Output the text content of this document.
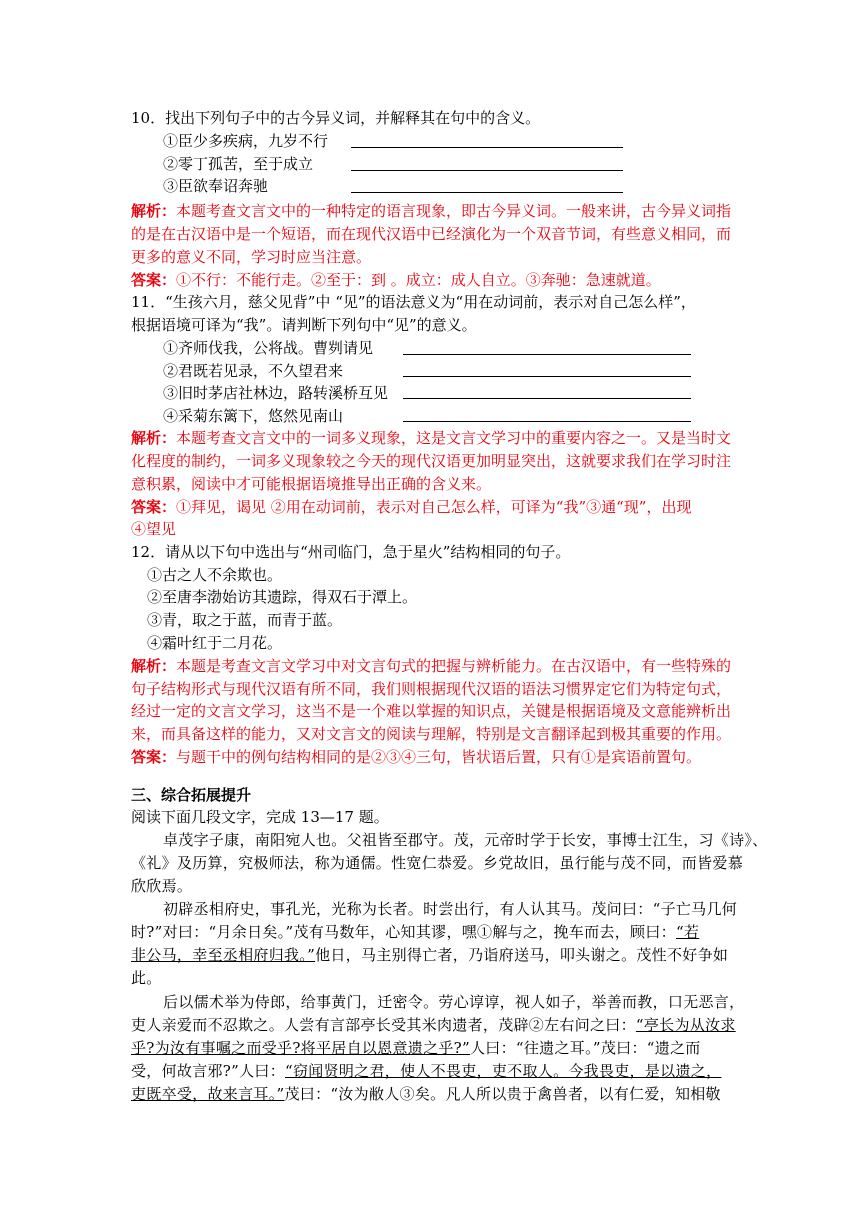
10．找出下列句子中的古今异义词，并解释其在句中的含义。
①臣少多疾病，九岁不行
②零丁孤苦，至于成立
③臣欲奉诏奔驰
解析：本题考查文言文中的一种特定的语言现象，即古今异义词。一般来讲，古今异义词指
的是在古汉语中是一个短语，而在现代汉语中已经演化为一个双音节词，有些意义相同，而
更多的意义不同，学习时应当注意。
答案：①不行：不能行走。②至于：到 。成立：成人自立。③奔驰：急速就道。
11．“生孩六月，慈父见背”中 “见”的语法意义为“用在动词前，表示对自己怎么样”，
根据语境可译为“我”。请判断下列句中“见”的意义。
①齐师伐我，公将战。曹刿请见
②君既若见录，不久望君来
③旧时茅店社林边，路转溪桥互见
④采菊东篱下，悠然见南山
解析：本题考查文言文中的一词多义现象，这是文言文学习中的重要内容之一。又是当时文
化程度的制约，一词多义现象较之今天的现代汉语更加明显突出，这就要求我们在学习时注
意积累，阅读中才可能根据语境推导出正确的含义来。
答案：①拜见，谒见 ②用在动词前，表示对自己怎么样，可译为“我”③通“现”，出现
④望见
12．请从以下句中选出与“州司临门，急于星火”结构相同的句子。
①古之人不余欺也。
②至唐李渤始访其遗踪，得双石于潭上。
③青，取之于蓝，而青于蓝。
④霜叶红于二月花。
解析：本题是考查文言文学习中对文言句式的把握与辨析能力。在古汉语中，有一些特殊的
句子结构形式与现代汉语有所不同，我们则根据现代汉语的语法习惯界定它们为特定句式，
经过一定的文言文学习，这当不是一个难以掌握的知识点，关键是根据语境及文意能辨析出
来，而具备这样的能力，又对文言文的阅读与理解，特别是文言翻译起到极其重要的作用。
答案：与题干中的例句结构相同的是②③④三句，皆状语后置，只有①是宾语前置句。
三、综合拓展提升
阅读下面几段文字，完成 13—17 题。
卓茂字子康，南阳宛人也。父祖皆至郡守。茂，元帝时学于长安，事博士江生，习《诗》、
《礼》及历算，究极师法，称为通儒。性宽仁恭爱。乡党故旧，虽行能与茂不同，而皆爱慕
欣欣焉。
初辟丞相府史，事孔光，光称为长者。时尝出行，有人认其马。茂问曰：“子亡马几何
时?”对曰：“月余日矣。”茂有马数年，心知其谬，嘿①解与之，挽车而去，顾曰：“若
非公马，幸至丞相府归我。”他日，马主别得亡者，乃诣府送马，叩头谢之。茂性不好争如
此。
后以儒术举为侍郎，给事黄门，迁密令。劳心谆谆，视人如子，举善而教，口无恶言，
吏人亲爱而不忍欺之。人尝有言部亭长受其米肉遗者，茂辟②左右问之曰：“亭长为从汝求
乎?为汝有事嘱之而受乎?将平居自以恩意遗之乎?”人曰：“往遗之耳。”茂曰：“遗之而
受，何故言邪?”人曰：“窃闻贤明之君，使人不畏吏，吏不取人。今我畏吏，是以遗之，
吏既卒受，故来言耳。”茂曰：“汝为敝人③矣。凡人所以贵于禽兽者，以有仁爱，知相敬
